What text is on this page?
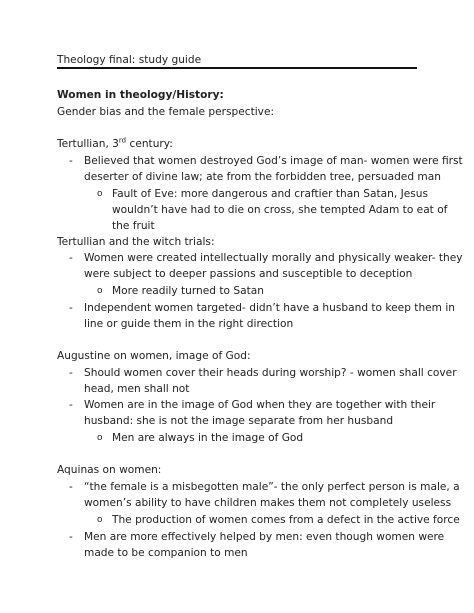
Theology final: study guide
Women in theology/History:
Gender bias and the female perspective:
Tertullian, 3rd century:
- Believed that women destroyed God’s image of man- women were first
deserter of divine law; ate from the forbidden tree, persuaded man
o Fault of Eve: more dangerous and craftier than Satan, Jesus
wouldn’t have had to die on cross, she tempted Adam to eat of
the fruit
Tertullian and the witch trials:
- Women were created intellectually morally and physically weaker- they
were subject to deeper passions and susceptible to deception
o More readily turned to Satan
- Independent women targeted- didn’t have a husband to keep them in
line or guide them in the right direction
Augustine on women, image of God:
- Should women cover their heads during worship? - women shall cover
head, men shall not
- Women are in the image of God when they are together with their
husband: she is not the image separate from her husband
o Men are always in the image of God
Aquinas on women:
- “the female is a misbegotten male”- the only perfect person is male, a
women’s ability to have children makes them not completely useless
o The production of women comes from a defect in the active force
- Men are more effectively helped by men: even though women were
made to be companion to men
